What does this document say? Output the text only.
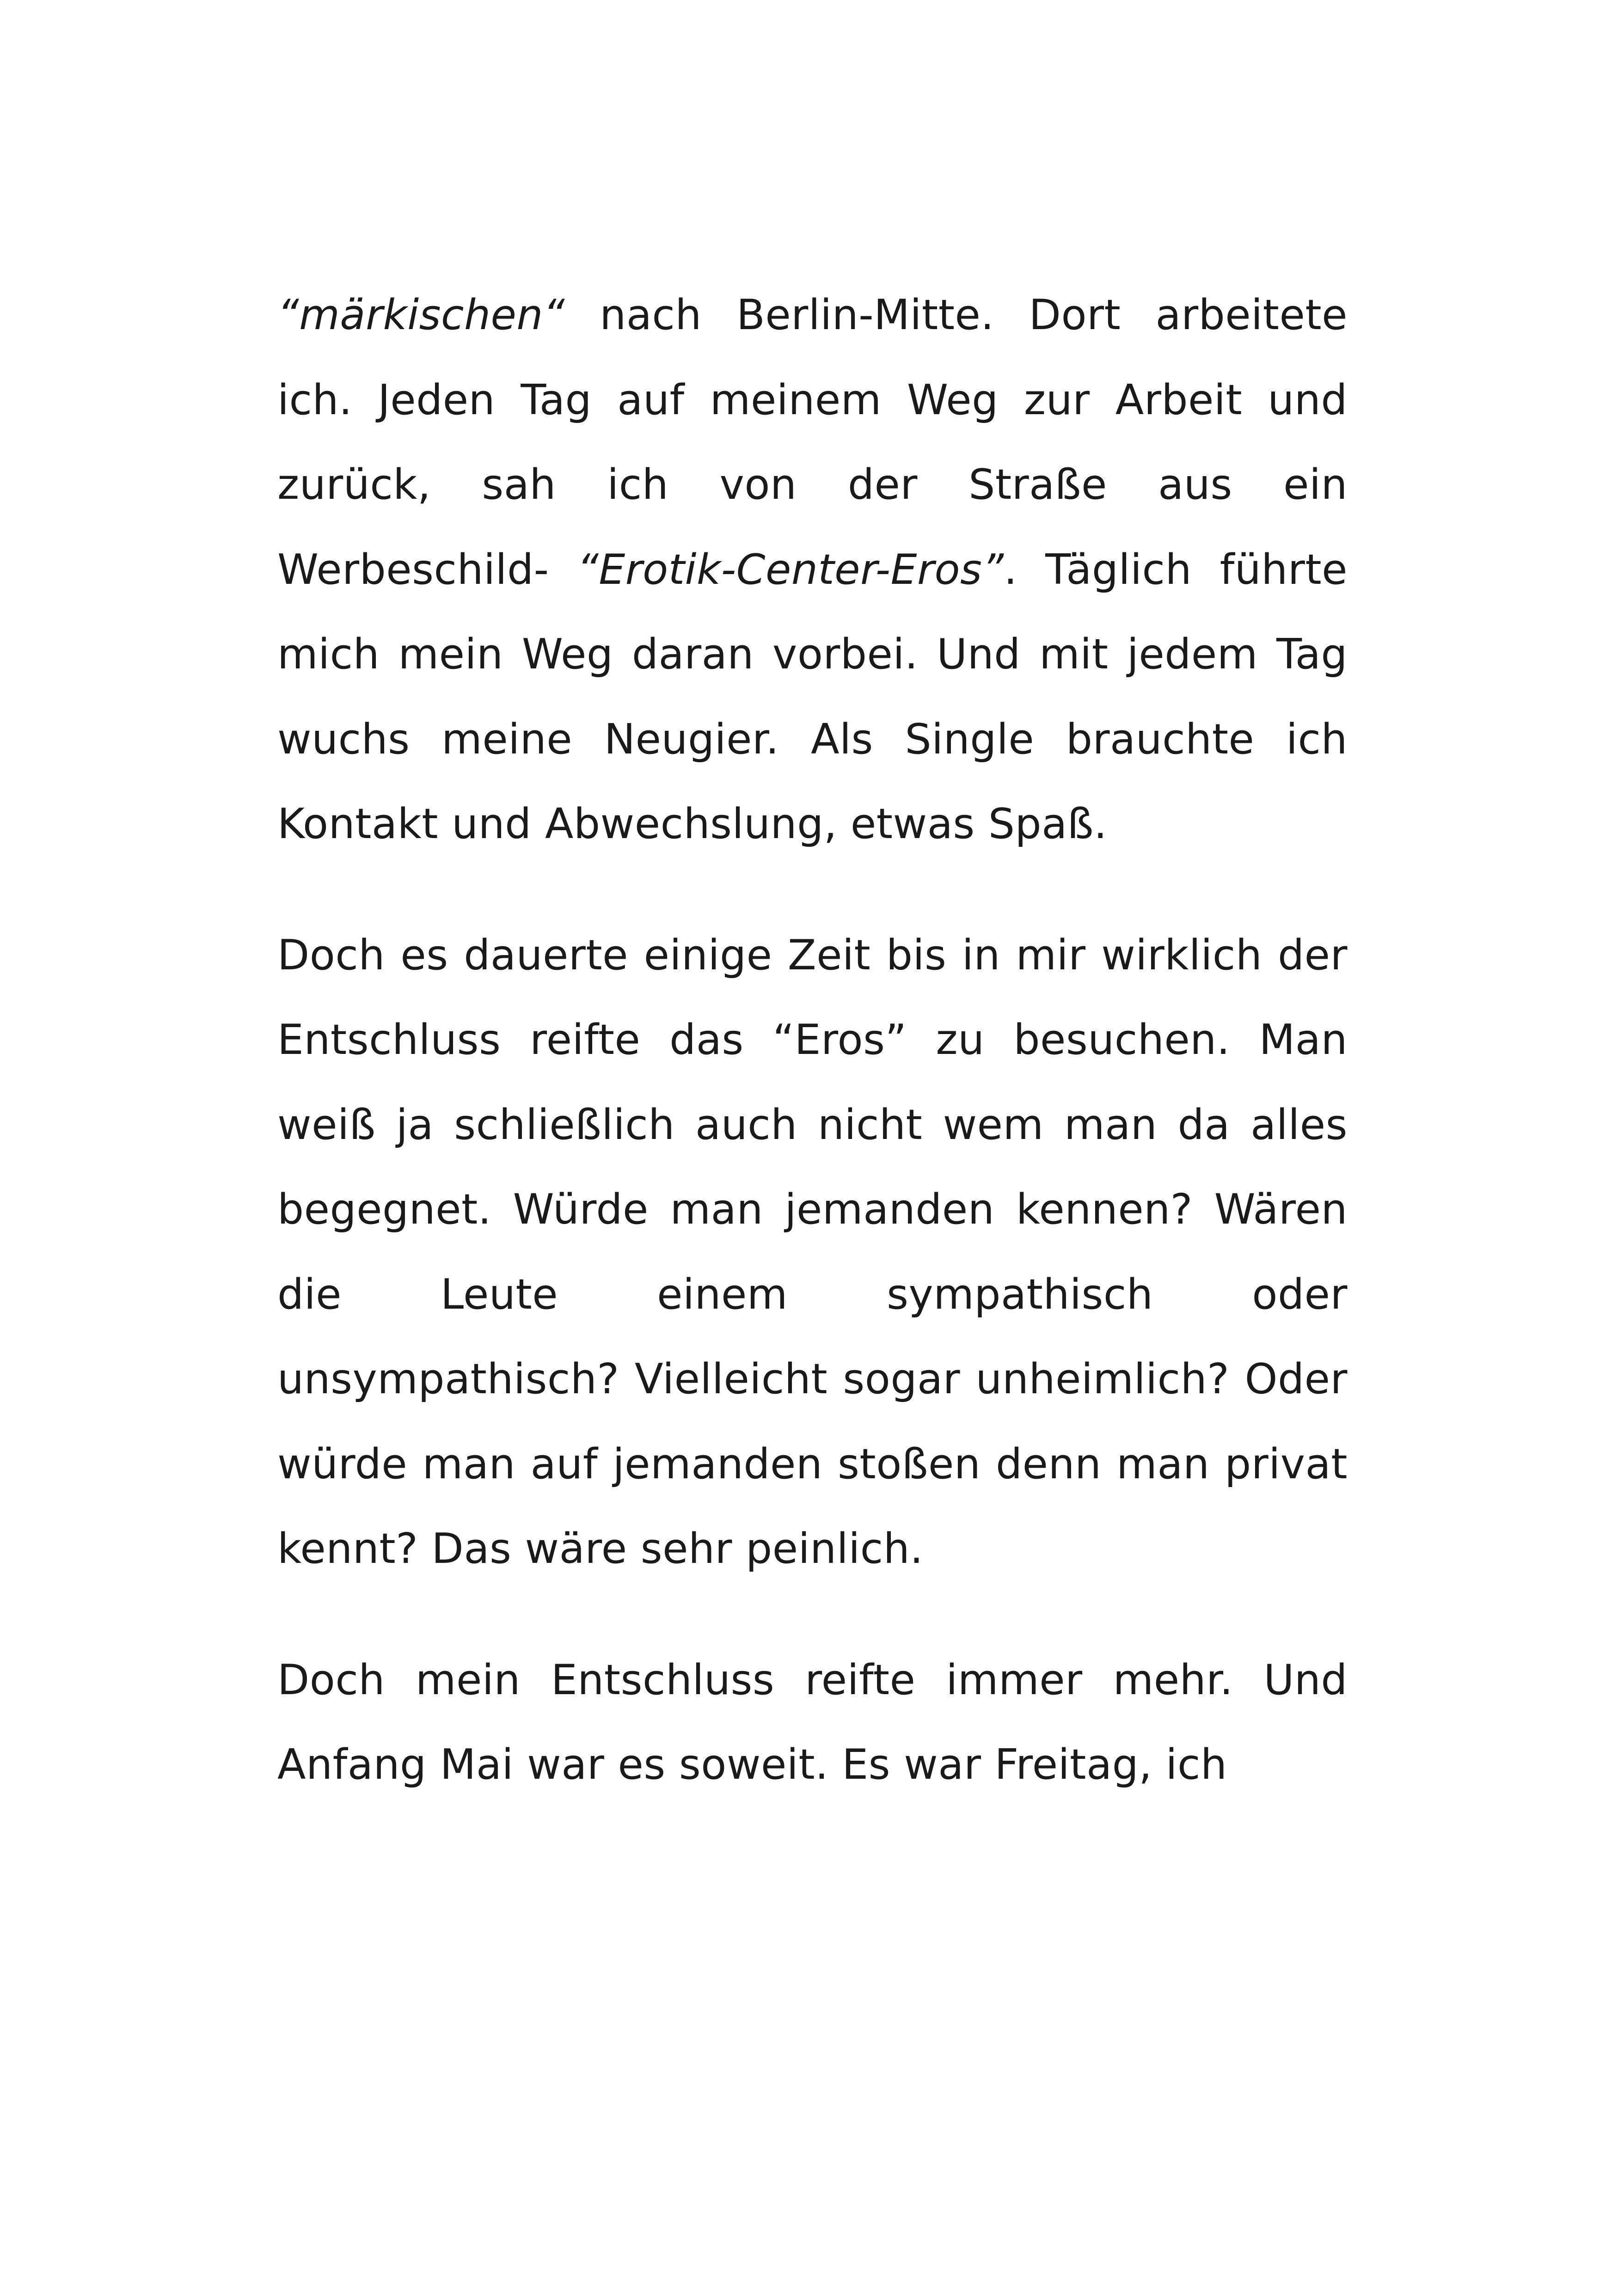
“märkischen“ nach Berlin-Mitte. Dort arbeitete ich. Jeden Tag auf meinem Weg zur Arbeit und zurück, sah ich von der Straße aus ein Werbeschild- “Erotik-Center-Eros”. Täglich führte mich mein Weg daran vorbei. Und mit jedem Tag wuchs meine Neugier. Als Single brauchte ich Kontakt und Abwechslung, etwas Spaß.

Doch es dauerte einige Zeit bis in mir wirklich der Entschluss reifte das “Eros” zu besuchen. Man weiß ja schließlich auch nicht wem man da alles begegnet. Würde man jemanden kennen? Wären die Leute einem sympathisch oder unsympathisch? Vielleicht sogar unheimlich? Oder würde man auf jemanden stoßen denn man privat kennt? Das wäre sehr peinlich.

Doch mein Entschluss reifte immer mehr. Und Anfang Mai war es soweit. Es war Freitag, ich
